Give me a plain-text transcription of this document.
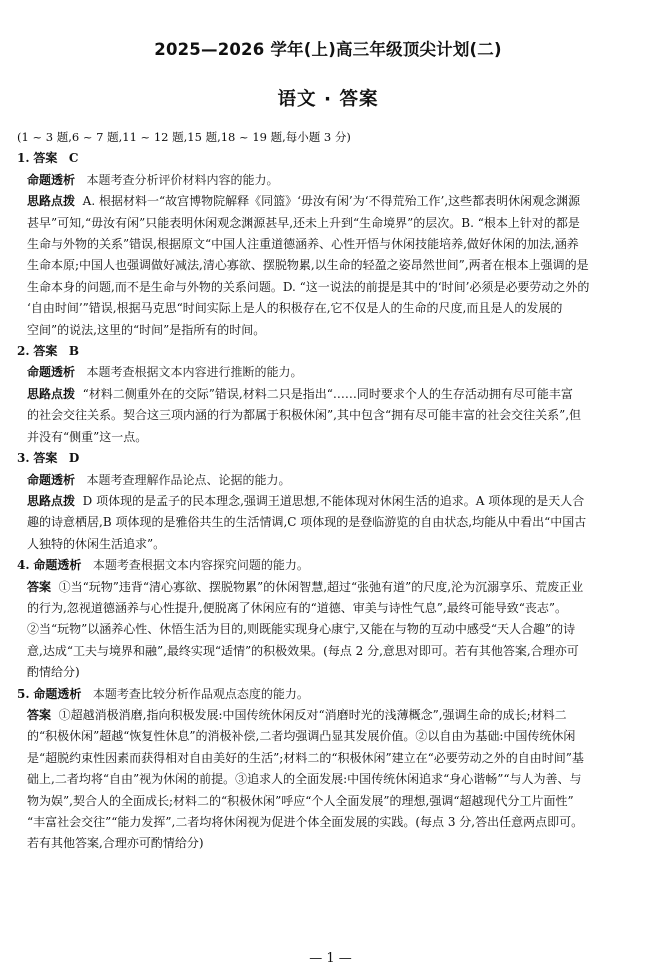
2025—2026 学年(上)高三年级顶尖计划(二)
语文 · 答案

(1 ~ 3 题,6 ~ 7 题,11 ~ 12 题,15 题,18 ~ 19 题,每小题 3 分)

1. 答案 C

命题透析 本题考查分析评价材料内容的能力。

思路点拨 A. 根据材料一“故宫博物院解释《同篮》‘毋汝有闲’为‘不得荒殆工作’,这些都表明休闲观念渊源
甚早”可知,“毋汝有闲”只能表明休闲观念渊源甚早,还未上升到“生命境界”的层次。B. “根本上针对的都是
生命与外物的关系”错误,根据原文“中国人注重道德涵养、心性开悟与休闲技能培养,做好休闲的加法,涵养
生命本原;中国人也强调做好减法,清心寡欲、摆脱物累,以生命的轻盈之姿昂然世间”,两者在根本上强调的是
生命本身的问题,而不是生命与外物的关系问题。D. “这一说法的前提是其中的‘时间’必须是必要劳动之外的
‘自由时间’”错误,根据马克思“时间实际上是人的积极存在,它不仅是人的生命的尺度,而且是人的发展的
空间”的说法,这里的“时间”是指所有的时间。

2. 答案 B

命题透析 本题考查根据文本内容进行推断的能力。

思路点拨 “材料二侧重外在的交际”错误,材料二只是指出“……同时要求个人的生存活动拥有尽可能丰富
的社会交往关系。契合这三项内涵的行为都属于积极休闲”,其中包含“拥有尽可能丰富的社会交往关系”,但
并没有“侧重”这一点。

3. 答案 D

命题透析 本题考查理解作品论点、论据的能力。

思路点拨 D 项体现的是孟子的民本理念,强调王道思想,不能体现对休闲生活的追求。A 项体现的是天人合
趣的诗意栖居,B 项体现的是雅俗共生的生活情调,C 项体现的是登临游览的自由状态,均能从中看出“中国古
人独特的休闲生活追求”。

4. 命题透析 本题考查根据文本内容探究问题的能力。

答案 ①当“玩物”违背“清心寡欲、摆脱物累”的休闲智慧,超过“张弛有道”的尺度,沦为沉溺享乐、荒废正业
的行为,忽视道德涵养与心性提升,便脱离了休闲应有的“道德、审美与诗性气息”,最终可能导致“丧志”。
②当“玩物”以涵养心性、休悟生活为目的,则既能实现身心康宁,又能在与物的互动中感受“天人合趣”的诗
意,达成“工夫与境界和融”,最终实现“适情”的积极效果。(每点 2 分,意思对即可。若有其他答案,合理亦可
酌情给分)

5. 命题透析 本题考查比较分析作品观点态度的能力。

答案 ①超越消极消磨,指向积极发展:中国传统休闲反对“消磨时光的浅薄概念”,强调生命的成长;材料二
的“积极休闲”超越“恢复性休息”的消极补偿,二者均强调凸显其发展价值。②以自由为基础:中国传统休闲
是“超脱约束性因素而获得相对自由美好的生活”;材料二的“积极休闲”建立在“必要劳动之外的自由时间”基
础上,二者均将“自由”视为休闲的前提。③追求人的全面发展:中国传统休闲追求“身心谐畅”“与人为善、与
物为娱”,契合人的全面成长;材料二的“积极休闲”呼应“个人全面发展”的理想,强调“超越现代分工片面性”
“丰富社会交往”“能力发挥”,二者均将休闲视为促进个体全面发展的实践。(每点 3 分,答出任意两点即可。
若有其他答案,合理亦可酌情给分)
— 1 —
